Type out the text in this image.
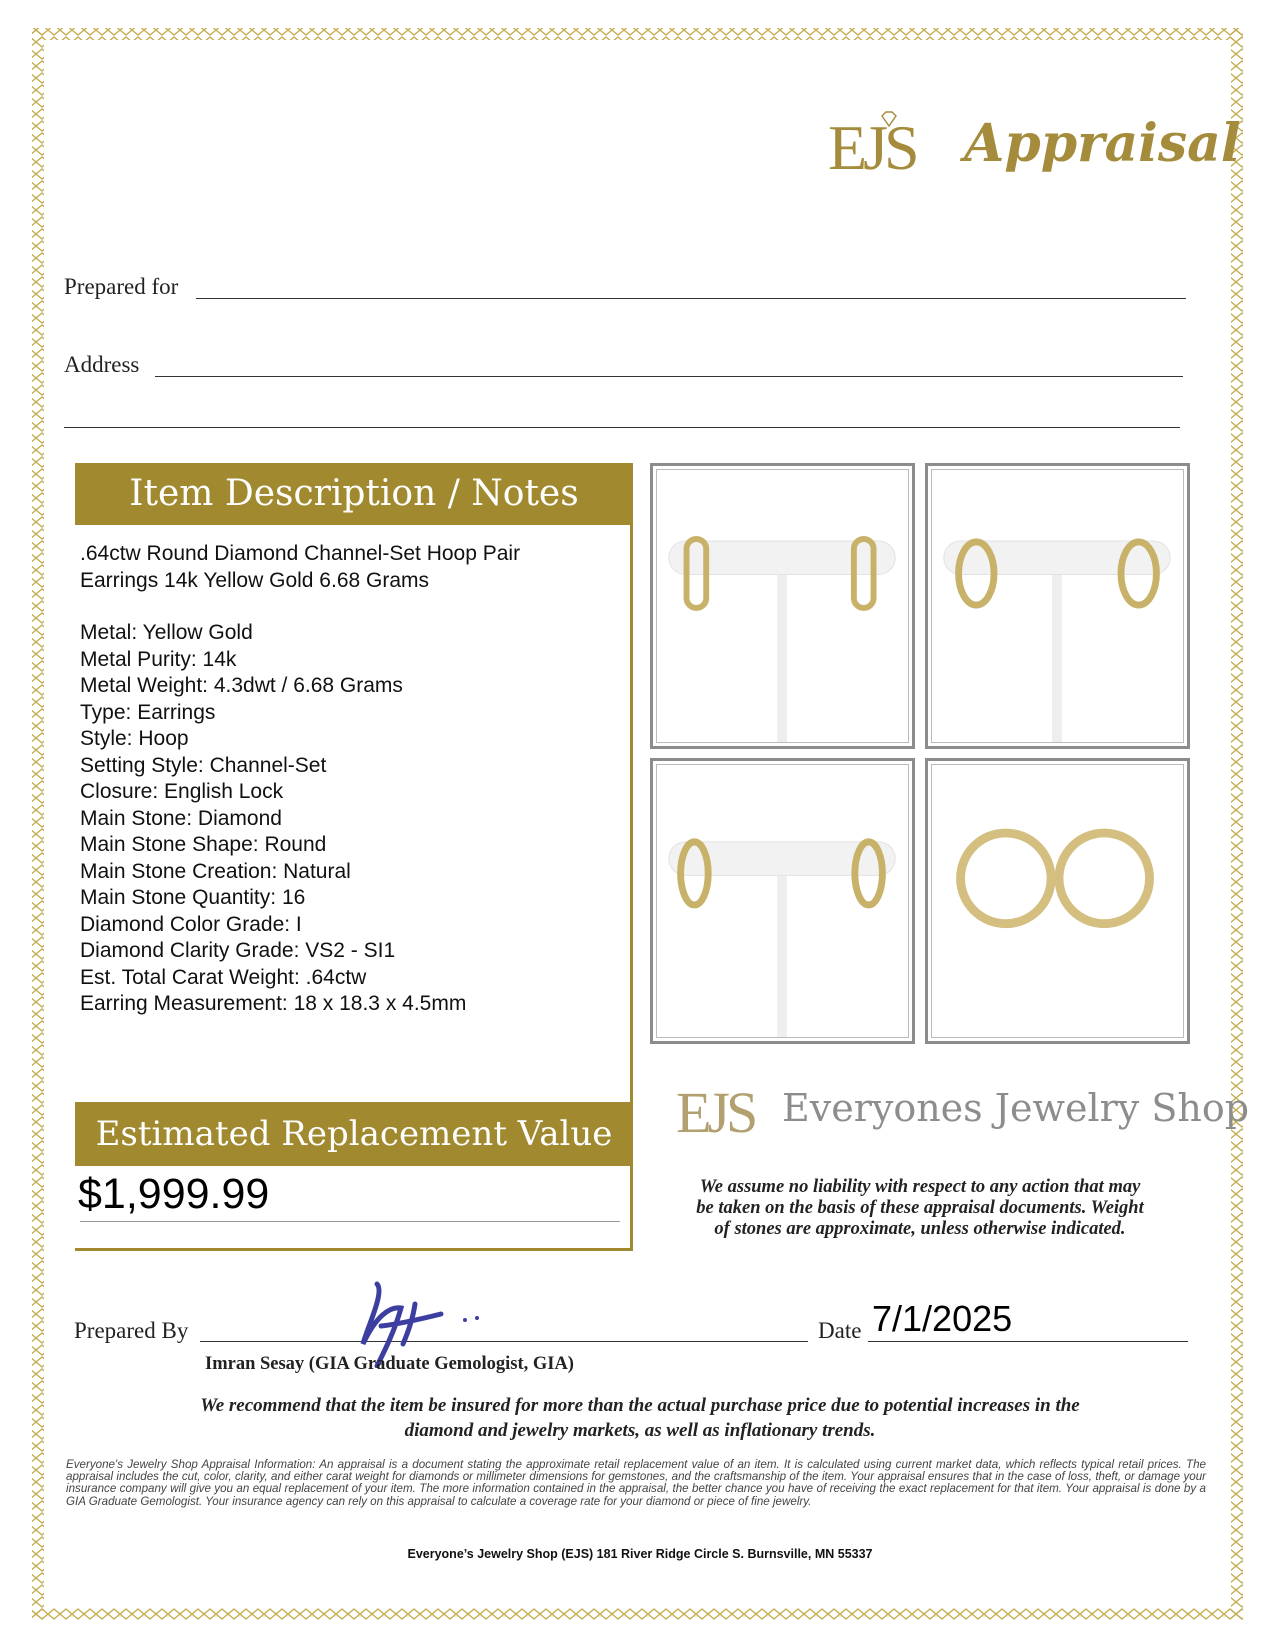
EJS Appraisal
Prepared for
Address
Item Description / Notes
.64ctw Round Diamond Channel-Set Hoop Pair
Earrings 14k Yellow Gold 6.68 Grams
Metal: Yellow Gold
Metal Purity: 14k
Metal Weight: 4.3dwt / 6.68 Grams
Type: Earrings
Style: Hoop
Setting Style: Channel-Set
Closure: English Lock
Main Stone: Diamond
Main Stone Shape: Round
Main Stone Creation: Natural
Main Stone Quantity: 16
Diamond Color Grade: I
Diamond Clarity Grade: VS2 - SI1
Est. Total Carat Weight: .64ctw
Earring Measurement: 18 x 18.3 x 4.5mm
Estimated Replacement Value
$1,999.99
EJS Everyones Jewelry Shop
We assume no liability with respect to any action that may
be taken on the basis of these appraisal documents. Weight
of stones are approximate, unless otherwise indicated.
Prepared By
Imran Sesay (GIA Graduate Gemologist, GIA)
Date 7/1/2025
We recommend that the item be insured for more than the actual purchase price due to potential increases in the
diamond and jewelry markets, as well as inflationary trends.
Everyone's Jewelry Shop Appraisal Information: An appraisal is a document stating the approximate retail replacement value of an item. It is calculated using current market data, which reflects typical retail prices. The appraisal includes the cut, color, clarity, and either carat weight for diamonds or millimeter dimensions for gemstones, and the craftsmanship of the item. Your appraisal ensures that in the case of loss, theft, or damage your insurance company will give you an equal replacement of your item. The more information contained in the appraisal, the better chance you have of receiving the exact replacement for that item. Your appraisal is done by a GIA Graduate Gemologist. Your insurance agency can rely on this appraisal to calculate a coverage rate for your diamond or piece of fine jewelry.
Everyone’s Jewelry Shop (EJS) 181 River Ridge Circle S. Burnsville, MN 55337
